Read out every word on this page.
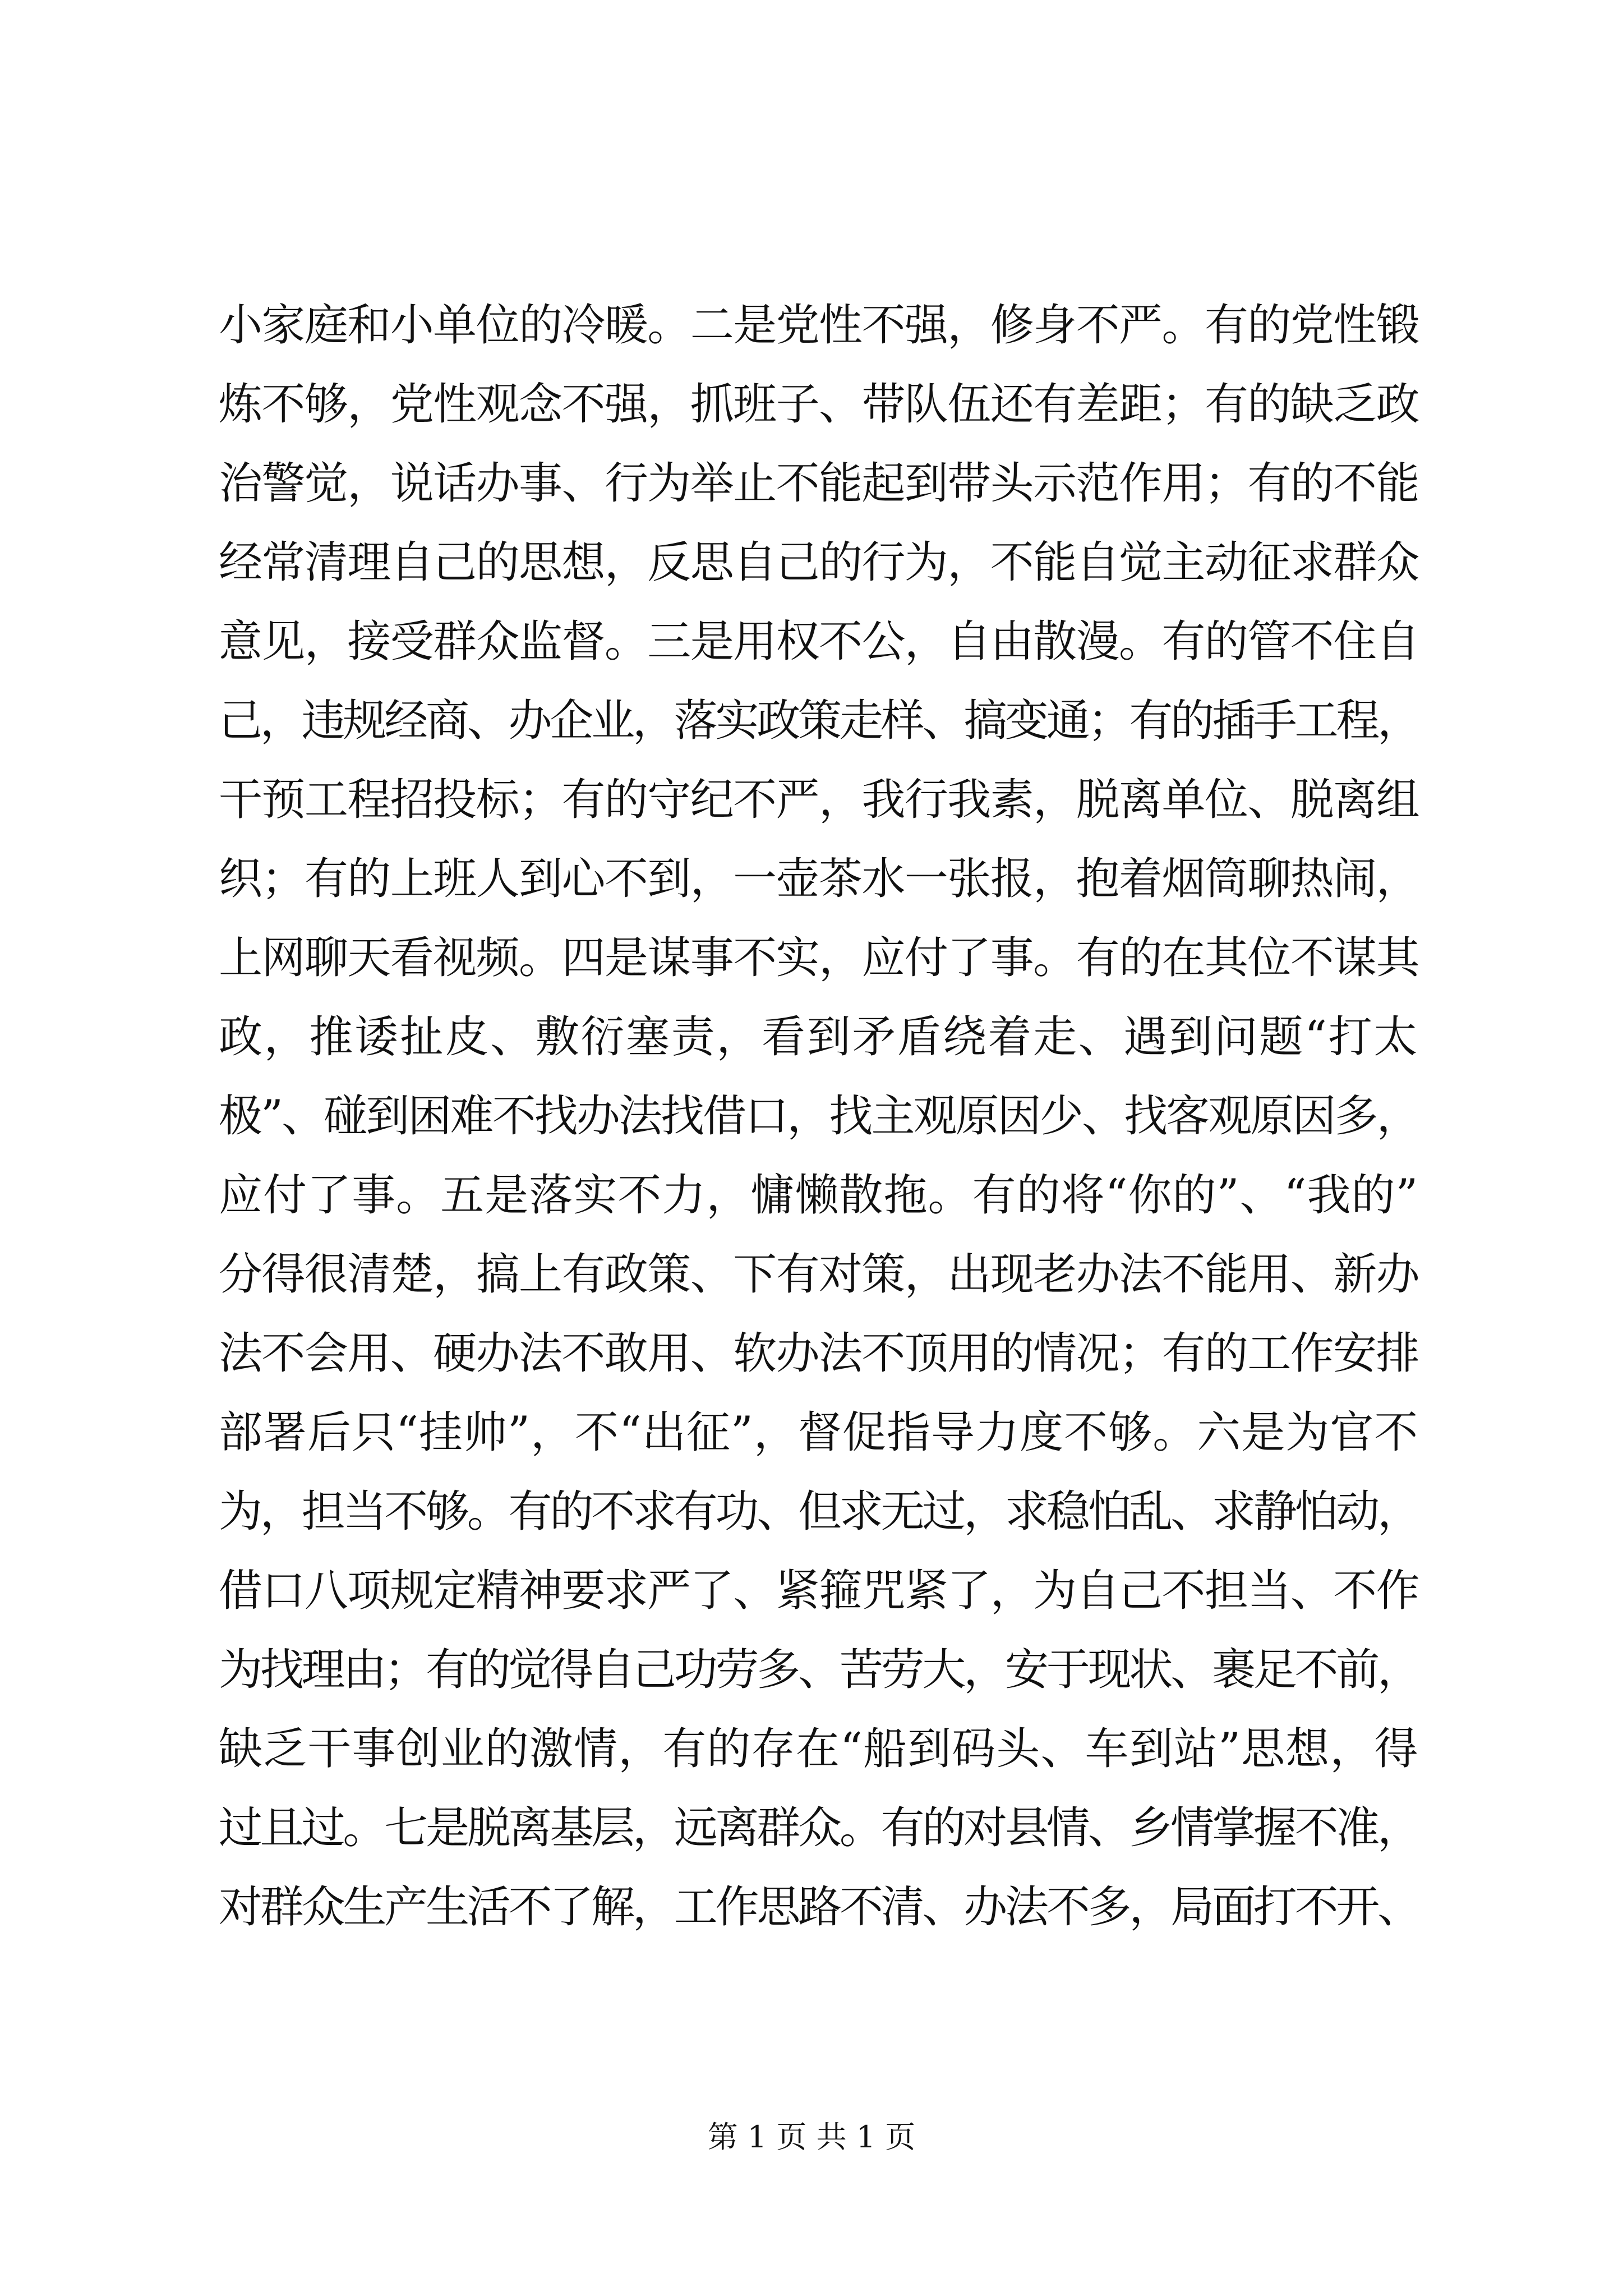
小家庭和小单位的冷暖。二是党性不强，修身不严。有的党性锻
炼不够，党性观念不强，抓班子、带队伍还有差距；有的缺乏政
治警觉，说话办事、行为举止不能起到带头示范作用；有的不能
经常清理自己的思想，反思自己的行为，不能自觉主动征求群众
意见，接受群众监督。三是用权不公，自由散漫。有的管不住自
己，违规经商、办企业，落实政策走样、搞变通；有的插手工程，
干预工程招投标；有的守纪不严，我行我素，脱离单位、脱离组
织；有的上班人到心不到，一壶茶水一张报，抱着烟筒聊热闹，
上网聊天看视频。四是谋事不实，应付了事。有的在其位不谋其
政，推诿扯皮、敷衍塞责，看到矛盾绕着走、遇到问题“打太
极”、碰到困难不找办法找借口，找主观原因少、找客观原因多，
应付了事。五是落实不力，慵懒散拖。有的将“你的”、“我的”
分得很清楚，搞上有政策、下有对策，出现老办法不能用、新办
法不会用、硬办法不敢用、软办法不顶用的情况；有的工作安排
部署后只“挂帅”，不“出征”，督促指导力度不够。六是为官不
为，担当不够。有的不求有功、但求无过，求稳怕乱、求静怕动，
借口八项规定精神要求严了、紧箍咒紧了，为自己不担当、不作
为找理由；有的觉得自己功劳多、苦劳大，安于现状、裹足不前，
缺乏干事创业的激情，有的存在“船到码头、车到站”思想，得
过且过。七是脱离基层，远离群众。有的对县情、乡情掌握不准，
对群众生产生活不了解，工作思路不清、办法不多，局面打不开、
第 1 页 共 1 页
